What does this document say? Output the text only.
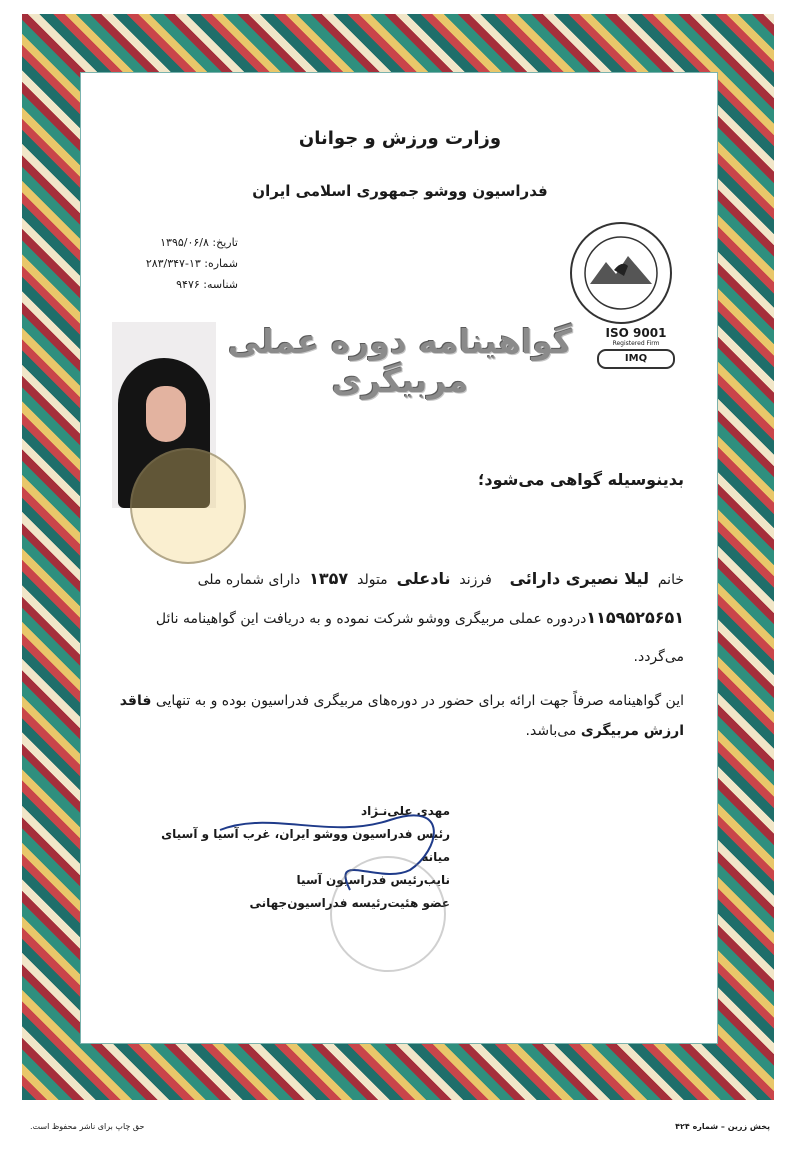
وزارت ورزش و جوانان
فدراسیون ووشو جمهوری اسلامی ایران
تاریخ: ۱۳۹۵/۰۶/۸
شماره: ۱۳-۲۸۳/۳۴۷
شناسه: ۹۴۷۶
ISO 9001
Registered Firm
IMQ
گواهینامه دوره عملی مربیگری
بدینوسیله گواهی می‌شود؛
خانم  لیلا نصیری دارائی    فرزند  نادعلی  متولد  ۱۳۵۷  دارای شماره ملی ۱۱۵۹۵۲۵۶۵۱دردوره عملی مربیگری ووشو شرکت نموده و به دریافت این گواهینامه نائل می‌گردد.
این گواهینامه صرفاً جهت ارائه برای حضور در دوره‌های مربیگری فدراسیون بوده و به تنهایی فاقد ارزش مربیگری می‌باشد.
مهدی علی‌نـژاد
رئیس فدراسیون ووشو ایران، غرب آسیا و آسیای میانه
نایب‌رئیس فدراسیون آسیا
عضو هئیت‌رئیسه فدراسیون‌جهانی
پخش زرین – شماره ۴۲۴
حق چاپ برای ناشر محفوظ است.
